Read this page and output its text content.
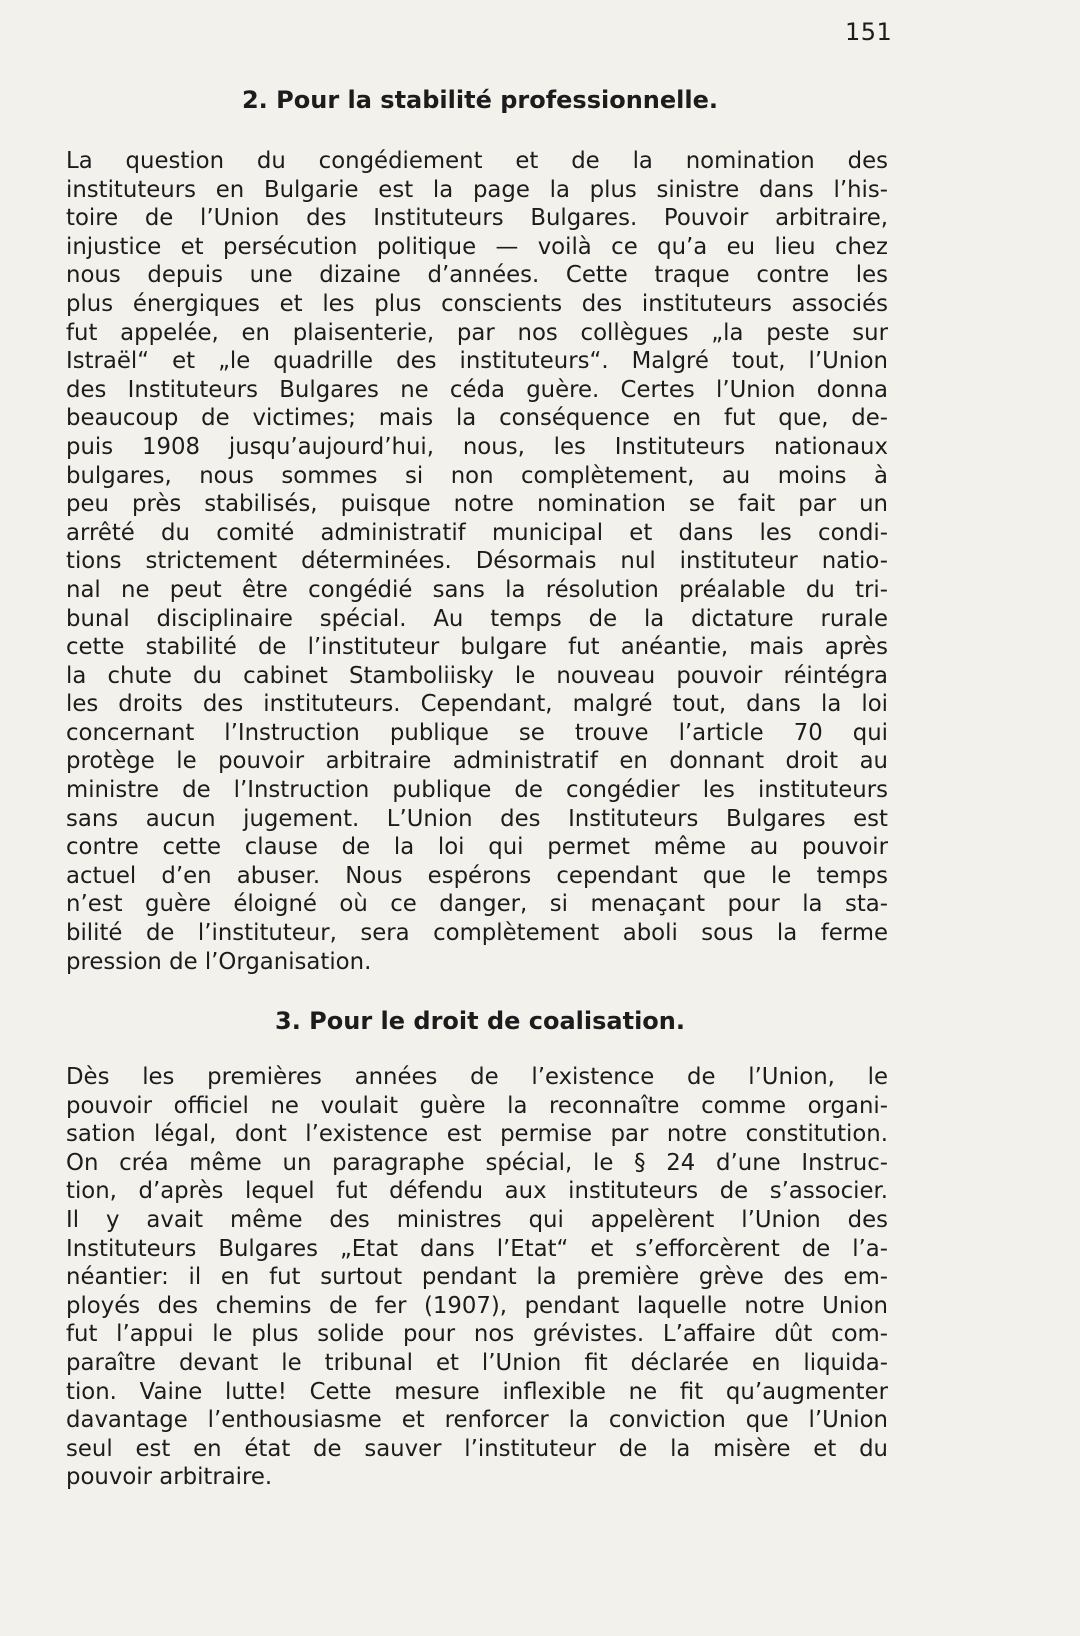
151
2. Pour la stabilité professionnelle.
La question du congédiement et de la nomination des
instituteurs en Bulgarie est la page la plus sinistre dans l’his-
toire de l’Union des Instituteurs Bulgares. Pouvoir arbitraire,
injustice et persécution politique — voilà ce qu’a eu lieu chez
nous depuis une dizaine d’années. Cette traque contre les
plus énergiques et les plus conscients des instituteurs associés
fut appelée, en plaisenterie, par nos collègues „la peste sur
Istraël“ et „le quadrille des instituteurs“. Malgré tout, l’Union
des Instituteurs Bulgares ne céda guère. Certes l’Union donna
beaucoup de victimes; mais la conséquence en fut que, de-
puis 1908 jusqu’aujourd’hui, nous, les Instituteurs nationaux
bulgares, nous sommes si non complètement, au moins à
peu près stabilisés, puisque notre nomination se fait par un
arrêté du comité administratif municipal et dans les condi-
tions strictement déterminées. Désormais nul instituteur natio-
nal ne peut être congédié sans la résolution préalable du tri-
bunal disciplinaire spécial. Au temps de la dictature rurale
cette stabilité de l’instituteur bulgare fut anéantie, mais après
la chute du cabinet Stamboliisky le nouveau pouvoir réintégra
les droits des instituteurs. Cependant, malgré tout, dans la loi
concernant l’Instruction publique se trouve l’article 70 qui
protège le pouvoir arbitraire administratif en donnant droit au
ministre de l’Instruction publique de congédier les instituteurs
sans aucun jugement. L’Union des Instituteurs Bulgares est
contre cette clause de la loi qui permet même au pouvoir
actuel d’en abuser. Nous espérons cependant que le temps
n’est guère éloigné où ce danger, si menaçant pour la sta-
bilité de l’instituteur, sera complètement aboli sous la ferme
pression de l’Organisation.
3. Pour le droit de coalisation.
Dès les premières années de l’existence de l’Union, le
pouvoir officiel ne voulait guère la reconnaître comme organi-
sation légal, dont l’existence est permise par notre constitution.
On créa même un paragraphe spécial, le § 24 d’une Instruc-
tion, d’après lequel fut défendu aux instituteurs de s’associer.
Il y avait même des ministres qui appelèrent l’Union des
Instituteurs Bulgares „Etat dans l’Etat“ et s’efforcèrent de l’a-
néantier: il en fut surtout pendant la première grève des em-
ployés des chemins de fer (1907), pendant laquelle notre Union
fut l’appui le plus solide pour nos grévistes. L’affaire dût com-
paraître devant le tribunal et l’Union fit déclarée en liquida-
tion. Vaine lutte! Cette mesure inflexible ne fit qu’augmenter
davantage l’enthousiasme et renforcer la conviction que l’Union
seul est en état de sauver l’instituteur de la misère et du
pouvoir arbitraire.
